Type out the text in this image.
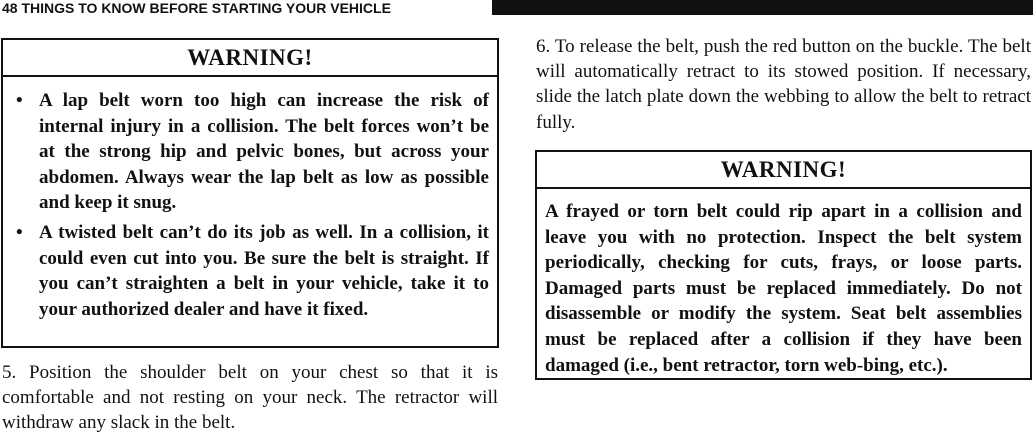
48 THINGS TO KNOW BEFORE STARTING YOUR VEHICLE
WARNING!
• A lap belt worn too high can increase the risk of internal injury in a collision. The belt forces won’t be at the strong hip and pelvic bones, but across your abdomen. Always wear the lap belt as low as possible and keep it snug.
• A twisted belt can’t do its job as well. In a collision, it could even cut into you. Be sure the belt is straight. If you can’t straighten a belt in your vehicle, take it to your authorized dealer and have it fixed.
5. Position the shoulder belt on your chest so that it is comfortable and not resting on your neck. The retractor will withdraw any slack in the belt.
6. To release the belt, push the red button on the buckle. The belt will automatically retract to its stowed position. If necessary, slide the latch plate down the webbing to allow the belt to retract fully.
WARNING!
A frayed or torn belt could rip apart in a collision and leave you with no protection. Inspect the belt system periodically, checking for cuts, frays, or loose parts. Damaged parts must be replaced immediately. Do not disassemble or modify the system. Seat belt assemblies must be replaced after a collision if they have been damaged (i.e., bent retractor, torn web-bing, etc.).
